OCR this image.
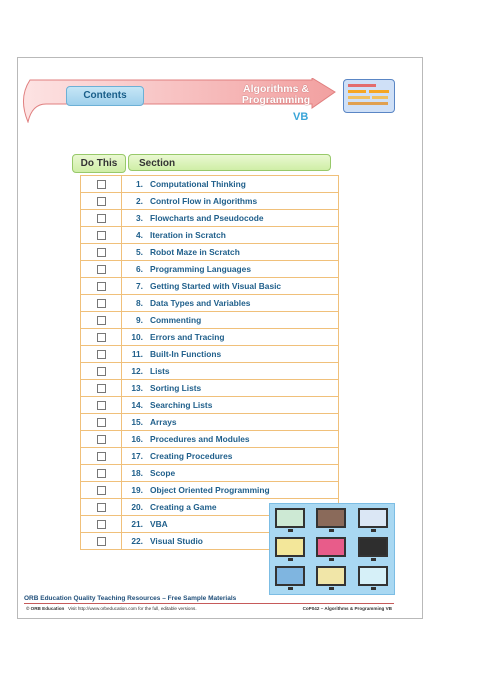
Contents
Algorithms &
Programming
VB
Do This	Section
	1. Computational Thinking
	2. Control Flow in Algorithms
	3. Flowcharts and Pseudocode
	4. Iteration in Scratch
	5. Robot Maze in Scratch
	6. Programming Languages
	7. Getting Started with Visual Basic
	8. Data Types and Variables
	9. Commenting
	10. Errors and Tracing
	11. Built-In Functions
	12. Lists
	13. Sorting Lists
	14. Searching Lists
	15. Arrays
	16. Procedures and Modules
	17. Creating Procedures
	18. Scope
	19. Object Oriented Programming
	20. Creating a Game
	21. VBA
	22. Visual Studio
ORB Education Quality Teaching Resources – Free Sample Materials
© ORB Education Visit http://www.orbeducation.com for the full, editable versions.	CoP042 – Algorithms & Programming VB
